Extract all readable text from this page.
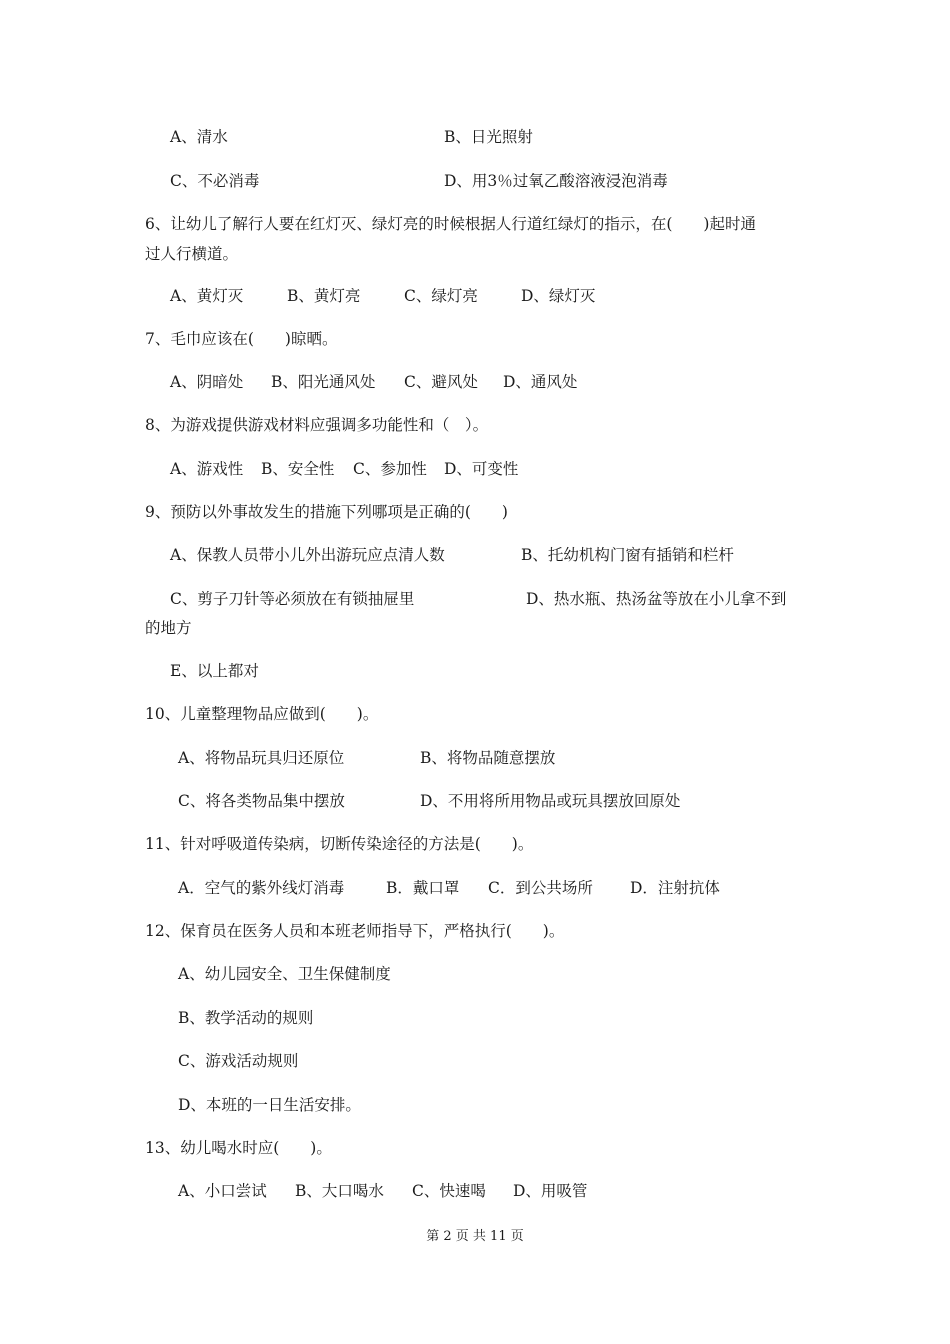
A、清水	B、日光照射
C、不必消毒	D、用3％过氧乙酸溶液浸泡消毒
6、让幼儿了解行人要在红灯灭、绿灯亮的时候根据人行道红绿灯的指示，在(　　)起时通
过人行横道。
A、黄灯灭	B、黄灯亮	C、绿灯亮	D、绿灯灭
7、毛巾应该在(　　)晾晒。
A、阴暗处 B、阳光通风处 C、避风处 D、通风处
8、为游戏提供游戏材料应强调多功能性和（　）。
A、游戏性 B、安全性 C、参加性 D、可变性
9、预防以外事故发生的措施下列哪项是正确的(　　)
A、保教人员带小儿外出游玩应点清人数	B、托幼机构门窗有插销和栏杆
C、剪子刀针等必须放在有锁抽屉里	D、热水瓶、热汤盆等放在小儿拿不到
的地方
E、以上都对
10、儿童整理物品应做到(　　)。
A、将物品玩具归还原位	B、将物品随意摆放
C、将各类物品集中摆放	D、不用将所用物品或玩具摆放回原处
11、针对呼吸道传染病，切断传染途径的方法是(　　)。
A．空气的紫外线灯消毒	B．戴口罩 C．到公共场所 D．注射抗体
12、保育员在医务人员和本班老师指导下，严格执行(　　)。
A、幼儿园安全、卫生保健制度
B、教学活动的规则
C、游戏活动规则
D、本班的一日生活安排。
13、幼儿喝水时应(　　)。
A、小口尝试 B、大口喝水 C、快速喝 D、用吸管
第 2 页 共 11 页
